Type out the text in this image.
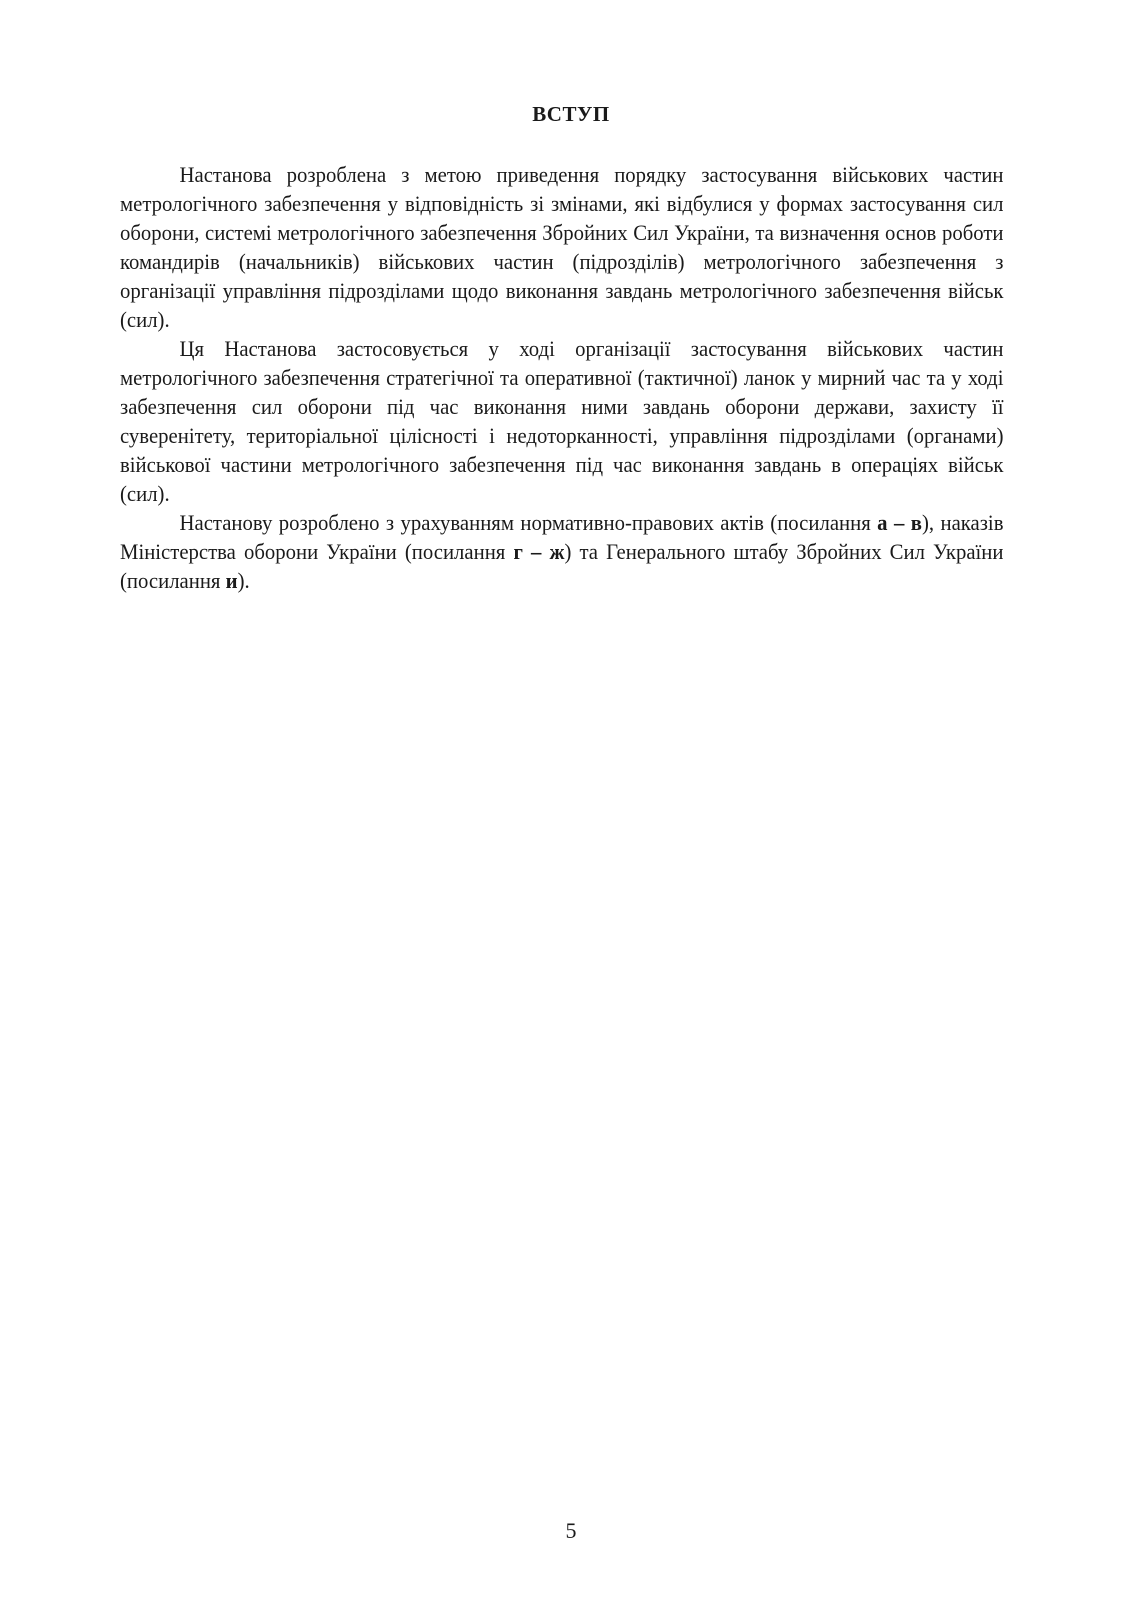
ВСТУП

Настанова розроблена з метою приведення порядку застосування військових частин метрологічного забезпечення у відповідність зі змінами, які відбулися у формах застосування сил оборони, системі метрологічного забезпечення Збройних Сил України, та визначення основ роботи командирів (начальників) військових частин (підрозділів) метрологічного забезпечення з організації управління підрозділами щодо виконання завдань метрологічного забезпечення військ (сил).

Ця Настанова застосовується у ході організації застосування військових частин метрологічного забезпечення стратегічної та оперативної (тактичної) ланок у мирний час та у ході забезпечення сил оборони під час виконання ними завдань оборони держави, захисту її суверенітету, територіальної цілісності і недоторканності, управління підрозділами (органами) військової частини метрологічного забезпечення під час виконання завдань в операціях військ (сил).

Настанову розроблено з урахуванням нормативно-правових актів (посилання а – в), наказів Міністерства оборони України (посилання г – ж) та Генерального штабу Збройних Сил України (посилання и).

5
